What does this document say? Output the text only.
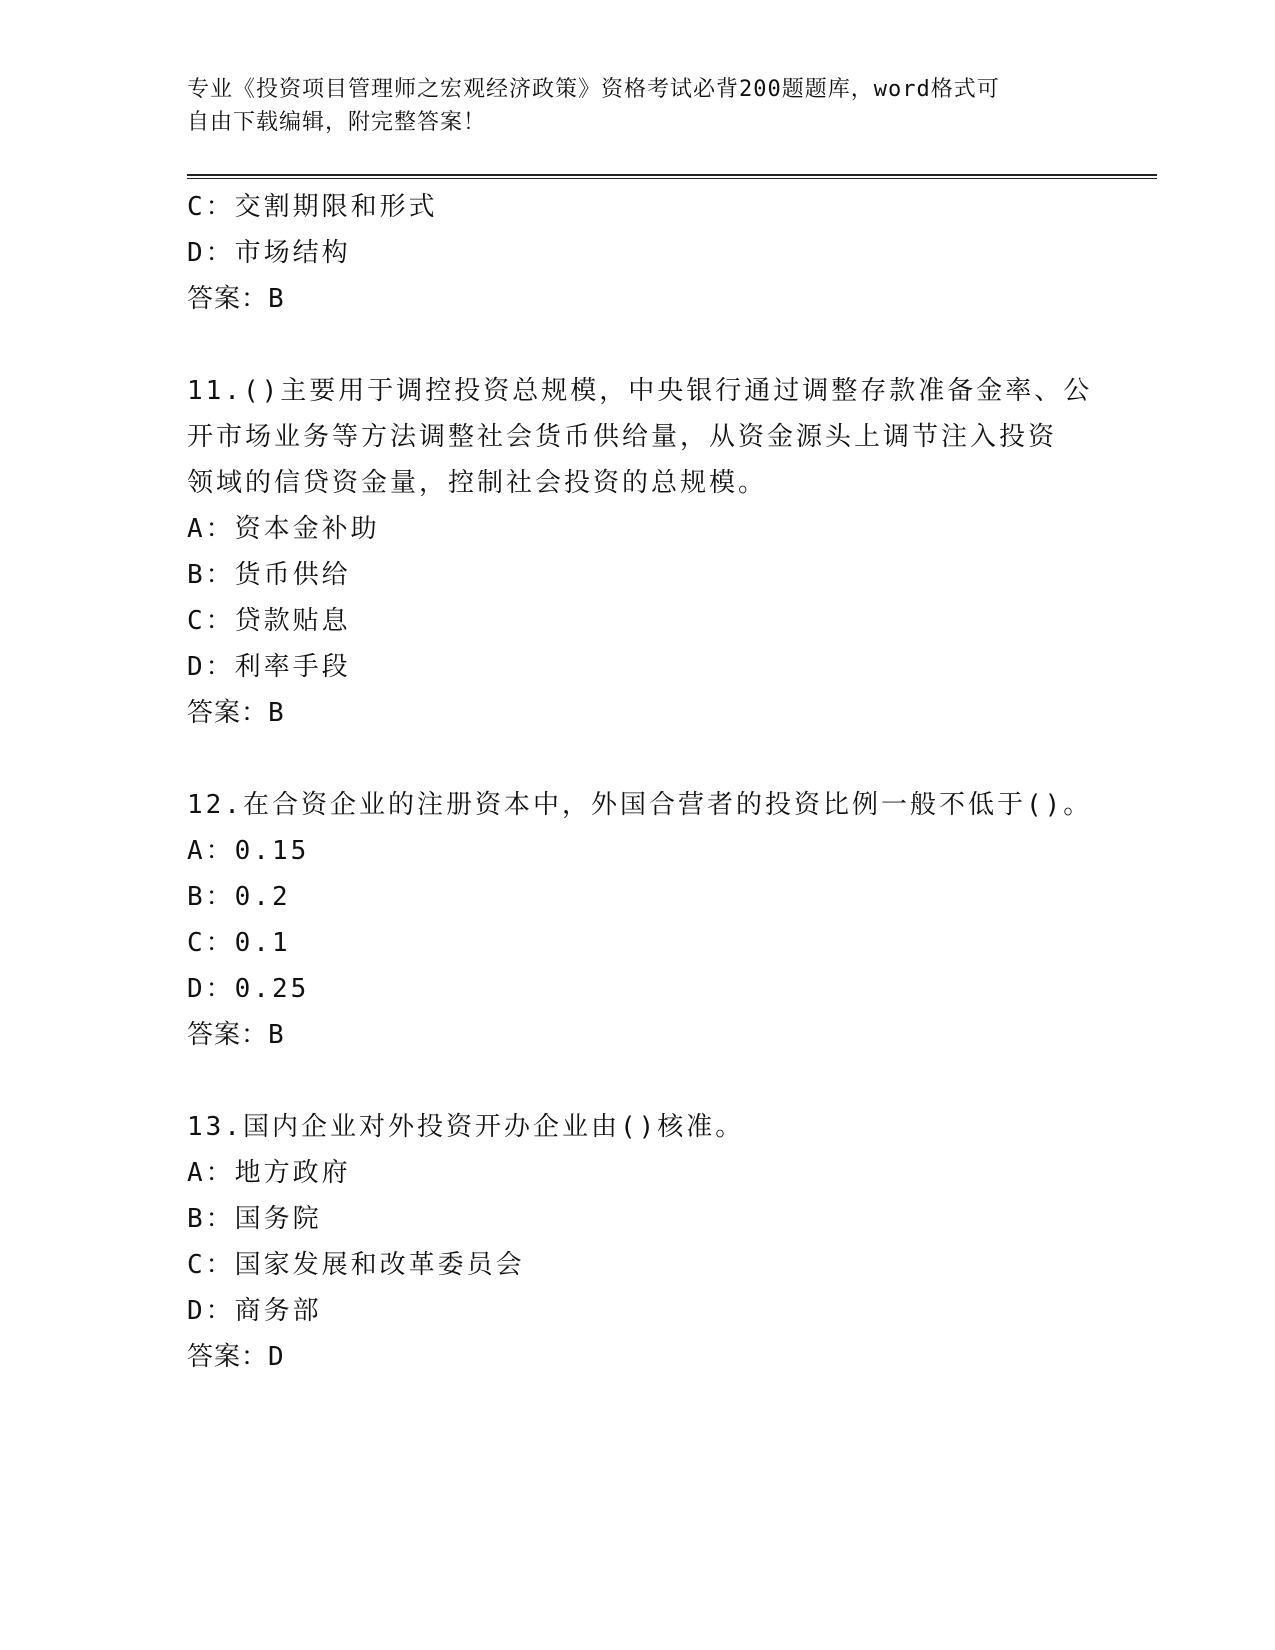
专业《投资项目管理师之宏观经济政策》资格考试必背200题题库，word格式可
自由下载编辑，附完整答案！
C：交割期限和形式
D：市场结构
答案：B
11.()主要用于调控投资总规模，中央银行通过调整存款准备金率、公
开市场业务等方法调整社会货币供给量，从资金源头上调节注入投资
领域的信贷资金量，控制社会投资的总规模。
A：资本金补助
B：货币供给
C：贷款贴息
D：利率手段
答案：B
12.在合资企业的注册资本中，外国合营者的投资比例一般不低于()。
A：0.15
B：0.2
C：0.1
D：0.25
答案：B
13.国内企业对外投资开办企业由()核准。
A：地方政府
B：国务院
C：国家发展和改革委员会
D：商务部
答案：D
